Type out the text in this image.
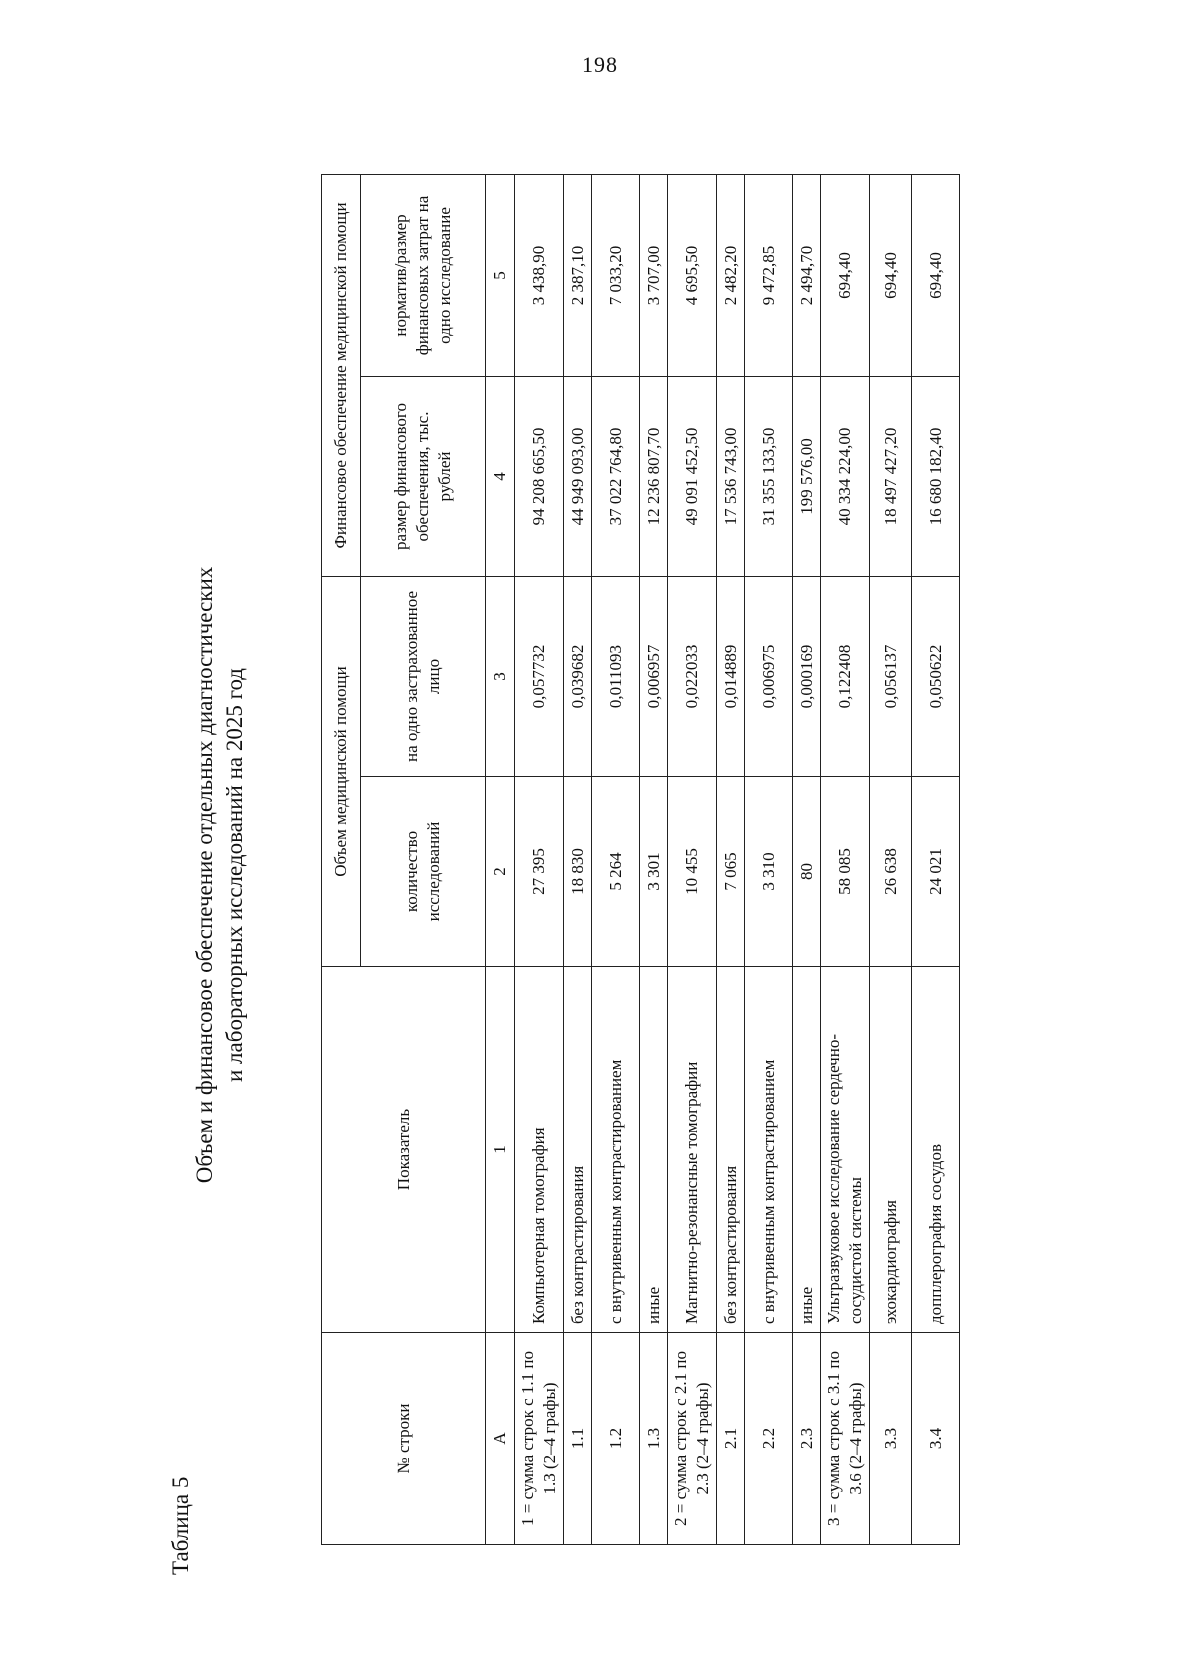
198
Таблица 5
Объем и финансовое обеспечение отдельных диагностических и лабораторных исследований на 2025 год
№ строки	Показатель	Объем медицинской помощи		Финансовое обеспечение медицинской помощи	
		количество исследований	на одно застрахованное лицо	размер финансового обеспечения, тыс. рублей	норматив/размер финансовых затрат на одно исследование
А	1	2	3	4	5
1 = сумма строк с 1.1 по 1.3 (2–4 графы)	Компьютерная томография	27 395	0,057732	94 208 665,50	3 438,90
1.1	без контрастирования	18 830	0,039682	44 949 093,00	2 387,10
1.2	с внутривенным контрастированием	5 264	0,011093	37 022 764,80	7 033,20
1.3	иные	3 301	0,006957	12 236 807,70	3 707,00
2 = сумма строк с 2.1 по 2.3 (2–4 графы)	Магнитно-резонансные томографии	10 455	0,022033	49 091 452,50	4 695,50
2.1	без контрастирования	7 065	0,014889	17 536 743,00	2 482,20
2.2	с внутривенным контрастированием	3 310	0,006975	31 355 133,50	9 472,85
2.3	иные	80	0,000169	199 576,00	2 494,70
3 = сумма строк с 3.1 по 3.6 (2–4 графы)	Ультразвуковое исследование сердечно-сосудистой системы	58 085	0,122408	40 334 224,00	694,40
3.3	эхокардиография	26 638	0,056137	18 497 427,20	694,40
3.4	допплерография сосудов	24 021	0,050622	16 680 182,40	694,40
